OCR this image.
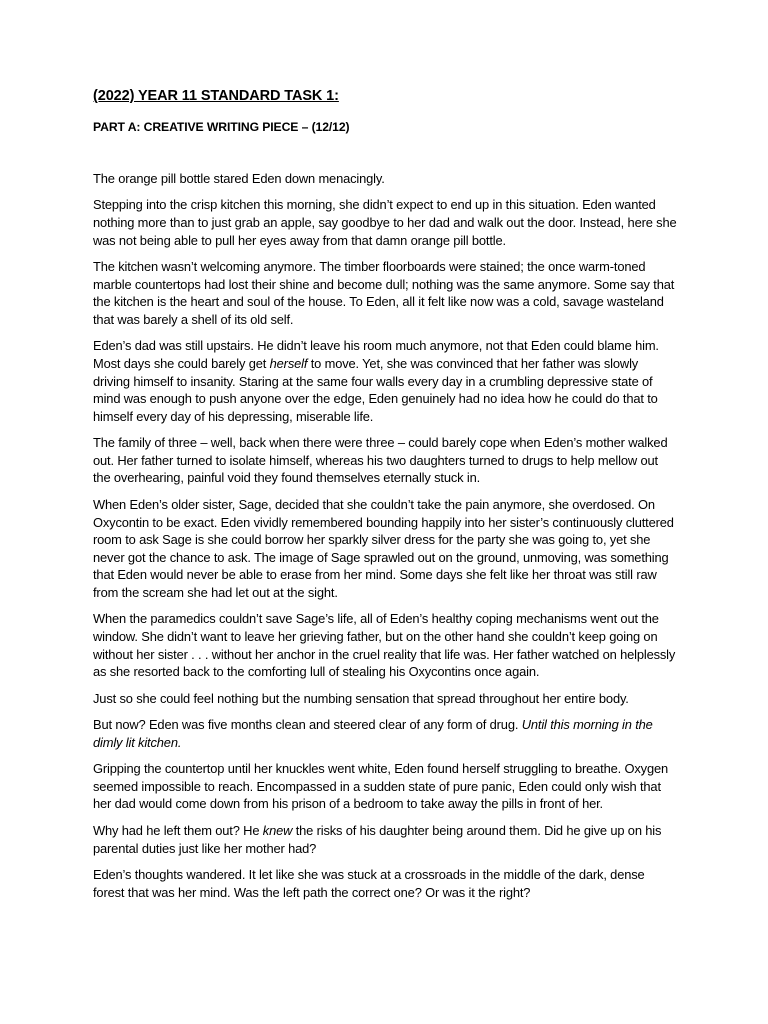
(2022) YEAR 11 STANDARD TASK 1:
PART A: CREATIVE WRITING PIECE – (12/12)

The orange pill bottle stared Eden down menacingly.

Stepping into the crisp kitchen this morning, she didn’t expect to end up in this situation. Eden wanted nothing more than to just grab an apple, say goodbye to her dad and walk out the door. Instead, here she was not being able to pull her eyes away from that damn orange pill bottle.

The kitchen wasn’t welcoming anymore. The timber floorboards were stained; the once warm-toned marble countertops had lost their shine and become dull; nothing was the same anymore. Some say that the kitchen is the heart and soul of the house. To Eden, all it felt like now was a cold, savage wasteland that was barely a shell of its old self.

Eden’s dad was still upstairs. He didn’t leave his room much anymore, not that Eden could blame him. Most days she could barely get herself to move. Yet, she was convinced that her father was slowly driving himself to insanity. Staring at the same four walls every day in a crumbling depressive state of mind was enough to push anyone over the edge, Eden genuinely had no idea how he could do that to himself every day of his depressing, miserable life.

The family of three – well, back when there were three – could barely cope when Eden’s mother walked out. Her father turned to isolate himself, whereas his two daughters turned to drugs to help mellow out the overhearing, painful void they found themselves eternally stuck in.

When Eden’s older sister, Sage, decided that she couldn’t take the pain anymore, she overdosed. On Oxycontin to be exact. Eden vividly remembered bounding happily into her sister’s continuously cluttered room to ask Sage is she could borrow her sparkly silver dress for the party she was going to, yet she never got the chance to ask. The image of Sage sprawled out on the ground, unmoving, was something that Eden would never be able to erase from her mind. Some days she felt like her throat was still raw from the scream she had let out at the sight.

When the paramedics couldn’t save Sage’s life, all of Eden’s healthy coping mechanisms went out the window. She didn’t want to leave her grieving father, but on the other hand she couldn’t keep going on without her sister . . . without her anchor in the cruel reality that life was. Her father watched on helplessly as she resorted back to the comforting lull of stealing his Oxycontins once again.

Just so she could feel nothing but the numbing sensation that spread throughout her entire body.

But now? Eden was five months clean and steered clear of any form of drug. Until this morning in the dimly lit kitchen.

Gripping the countertop until her knuckles went white, Eden found herself struggling to breathe. Oxygen seemed impossible to reach. Encompassed in a sudden state of pure panic, Eden could only wish that her dad would come down from his prison of a bedroom to take away the pills in front of her.

Why had he left them out? He knew the risks of his daughter being around them. Did he give up on his parental duties just like her mother had?

Eden’s thoughts wandered. It let like she was stuck at a crossroads in the middle of the dark, dense forest that was her mind. Was the left path the correct one? Or was it the right?
